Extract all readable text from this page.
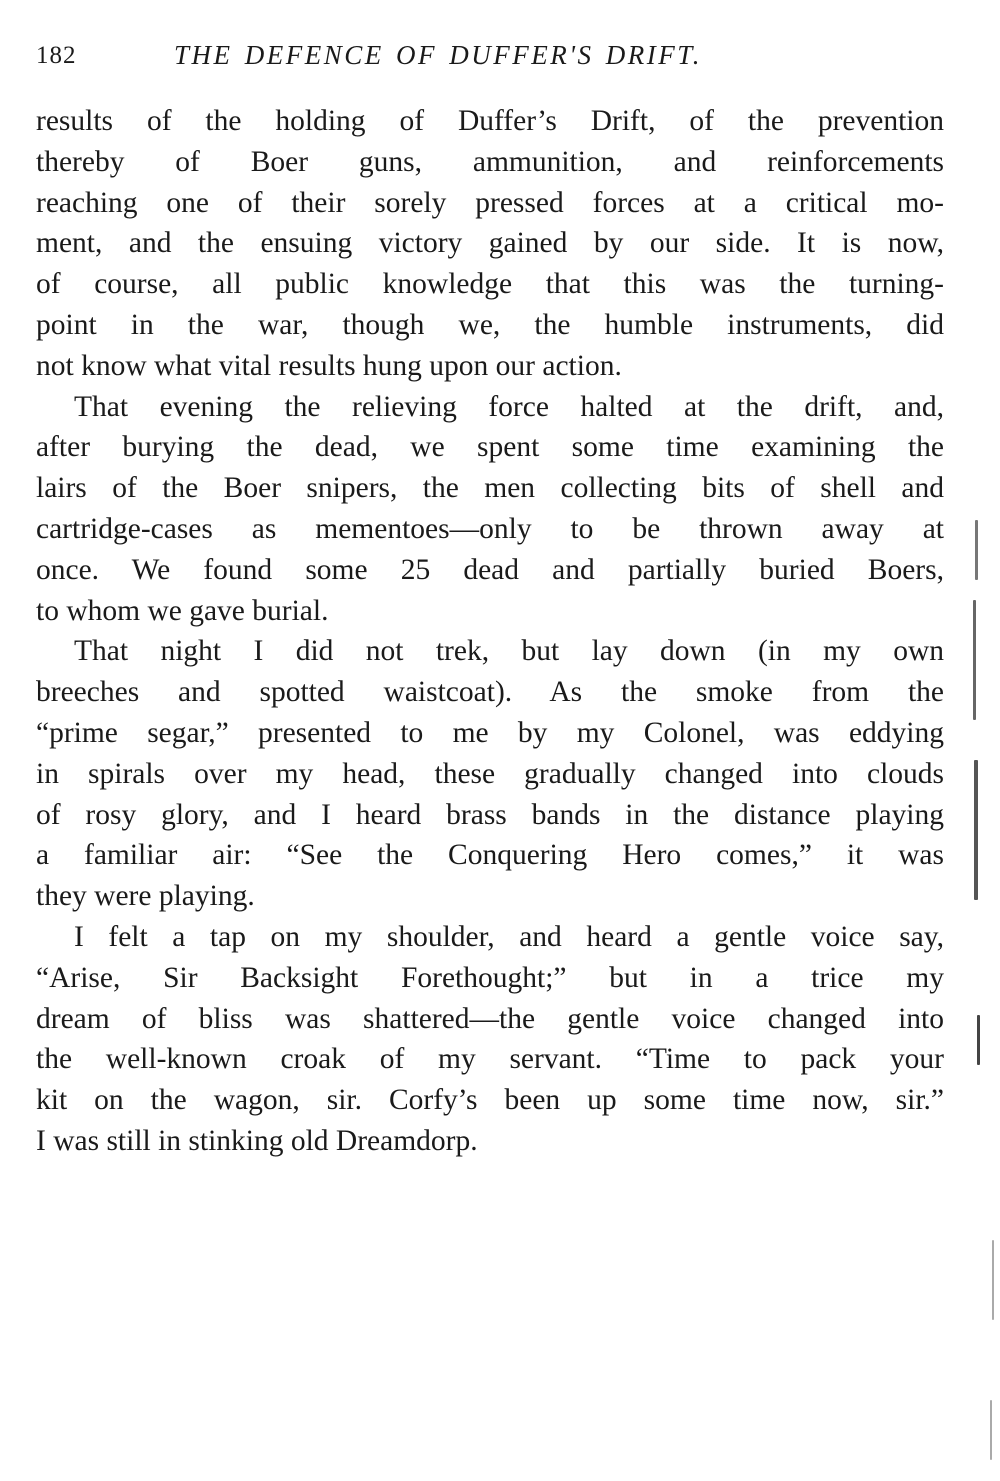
182	THE DEFENCE OF DUFFER'S DRIFT.
results of the holding of Duffer’s Drift, of the prevention
thereby of Boer guns, ammunition, and reinforcements
reaching one of their sorely pressed forces at a critical mo-
ment, and the ensuing victory gained by our side. It is now,
of course, all public knowledge that this was the turning-
point in the war, though we, the humble instruments, did
not know what vital results hung upon our action.
That evening the relieving force halted at the drift, and,
after burying the dead, we spent some time examining the
lairs of the Boer snipers, the men collecting bits of shell and
cartridge-cases as mementoes—only to be thrown away at
once. We found some 25 dead and partially buried Boers,
to whom we gave burial.
That night I did not trek, but lay down (in my own
breeches and spotted waistcoat). As the smoke from the
“prime segar,” presented to me by my Colonel, was eddying
in spirals over my head, these gradually changed into clouds
of rosy glory, and I heard brass bands in the distance playing
a familiar air: “See the Conquering Hero comes,” it was
they were playing.
I felt a tap on my shoulder, and heard a gentle voice say,
“Arise, Sir Backsight Forethought;” but in a trice my
dream of bliss was shattered—the gentle voice changed into
the well-known croak of my servant. “Time to pack your
kit on the wagon, sir. Corfy’s been up some time now, sir.”
I was still in stinking old Dreamdorp.
